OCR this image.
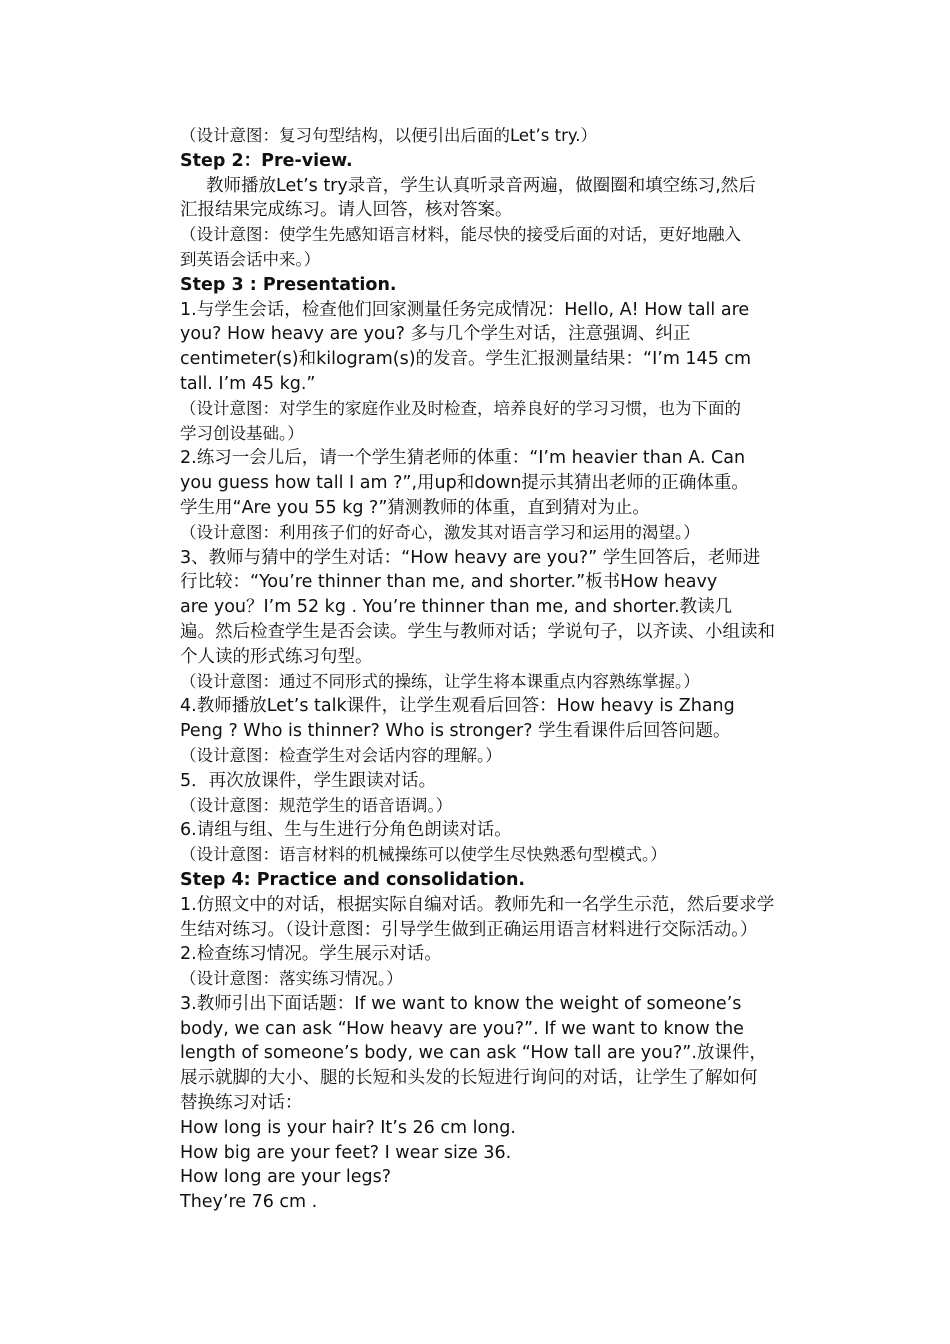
（设计意图：复习句型结构，以便引出后面的Let’s try.）
Step 2：Pre-view.
教师播放Let’s try录音，学生认真听录音两遍，做圈圈和填空练习,然后
汇报结果完成练习。请人回答，核对答案。
（设计意图：使学生先感知语言材料，能尽快的接受后面的对话，更好地融入
到英语会话中来。）
Step 3 : Presentation.
1.与学生会话，检查他们回家测量任务完成情况：Hello, A! How tall are
you? How heavy are you? 多与几个学生对话，注意强调、纠正
centimeter(s)和kilogram(s)的发音。学生汇报测量结果：“I’m 145 cm
tall. I’m 45 kg.”
（设计意图：对学生的家庭作业及时检查，培养良好的学习习惯，也为下面的
学习创设基础。）
2.练习一会儿后，请一个学生猜老师的体重：“I’m heavier than A. Can
you guess how tall I am ?”,用up和down提示其猜出老师的正确体重。
学生用“Are you 55 kg ?”猜测教师的体重，直到猜对为止。
（设计意图：利用孩子们的好奇心，激发其对语言学习和运用的渴望。）
3、教师与猜中的学生对话：“How heavy are you?” 学生回答后，老师进
行比较：“You’re thinner than me, and shorter.”板书How heavy
are you？I’m 52 kg . You’re thinner than me, and shorter.教读几
遍。然后检查学生是否会读。学生与教师对话；学说句子，以齐读、小组读和
个人读的形式练习句型。
（设计意图：通过不同形式的操练，让学生将本课重点内容熟练掌握。）
4.教师播放Let’s talk课件，让学生观看后回答：How heavy is Zhang
Peng ? Who is thinner? Who is stronger? 学生看课件后回答问题。
（设计意图：检查学生对会话内容的理解。）
5．再次放课件，学生跟读对话。
（设计意图：规范学生的语音语调。）
6.请组与组、生与生进行分角色朗读对话。
（设计意图：语言材料的机械操练可以使学生尽快熟悉句型模式。）
Step 4: Practice and consolidation.
1.仿照文中的对话，根据实际自编对话。教师先和一名学生示范，然后要求学
生结对练习。（设计意图：引导学生做到正确运用语言材料进行交际活动。）
2.检查练习情况。学生展示对话。
（设计意图：落实练习情况。）
3.教师引出下面话题：If we want to know the weight of someone’s
body, we can ask “How heavy are you?”. If we want to know the
length of someone’s body, we can ask “How tall are you?”.放课件，
展示就脚的大小、腿的长短和头发的长短进行询问的对话，让学生了解如何
替换练习对话：
How long is your hair? It’s 26 cm long.
How big are your feet? I wear size 36.
How long are your legs?
They’re 76 cm .
